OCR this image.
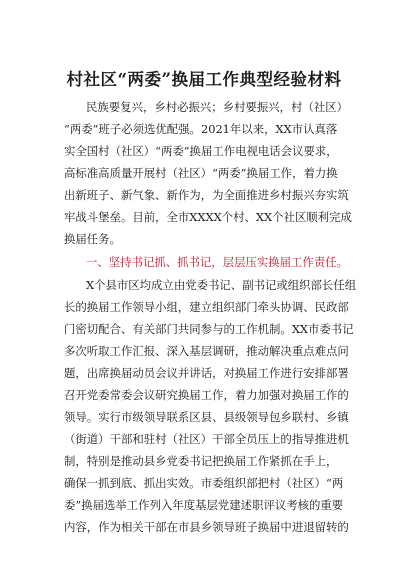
村社区“两委”换届工作典型经验材料
民族要复兴，乡村必振兴；乡村要振兴，村（社区）
“两委”班子必须选优配强。2021年以来，XX市认真落
实全国村（社区）“两委”换届工作电视电话会议要求，
高标准高质量开展村（社区）“两委”换届工作，着力换
出新班子、新气象、新作为，为全面推进乡村振兴夯实筑
牢战斗堡垒。目前，全市XXXX个村、XX个社区顺利完成
换届任务。
一、坚持书记抓、抓书记，层层压实换届工作责任。
X个县市区均成立由党委书记、副书记或组织部长任组
长的换届工作领导小组，建立组织部门牵头协调、民政部
门密切配合、有关部门共同参与的工作机制。XX市委书记
多次听取工作汇报、深入基层调研，推动解决重点难点问
题，出席换届动员会议并讲话，对换届工作进行安排部署
召开党委常委会议研究换届工作，着力加强对换届工作的
领导。实行市级领导联系区县、县级领导包乡联村、乡镇
（街道）干部和驻村（社区）干部全员压上的指导推进机
制，特别是推动县乡党委书记把换届工作紧抓在手上，
确保一抓到底、抓出实效。市委组织部把村（社区）“两
委”换届选举工作列入年度基层党建述职评议考核的重要
内容，作为相关干部在市县乡领导班子换届中进退留转的
